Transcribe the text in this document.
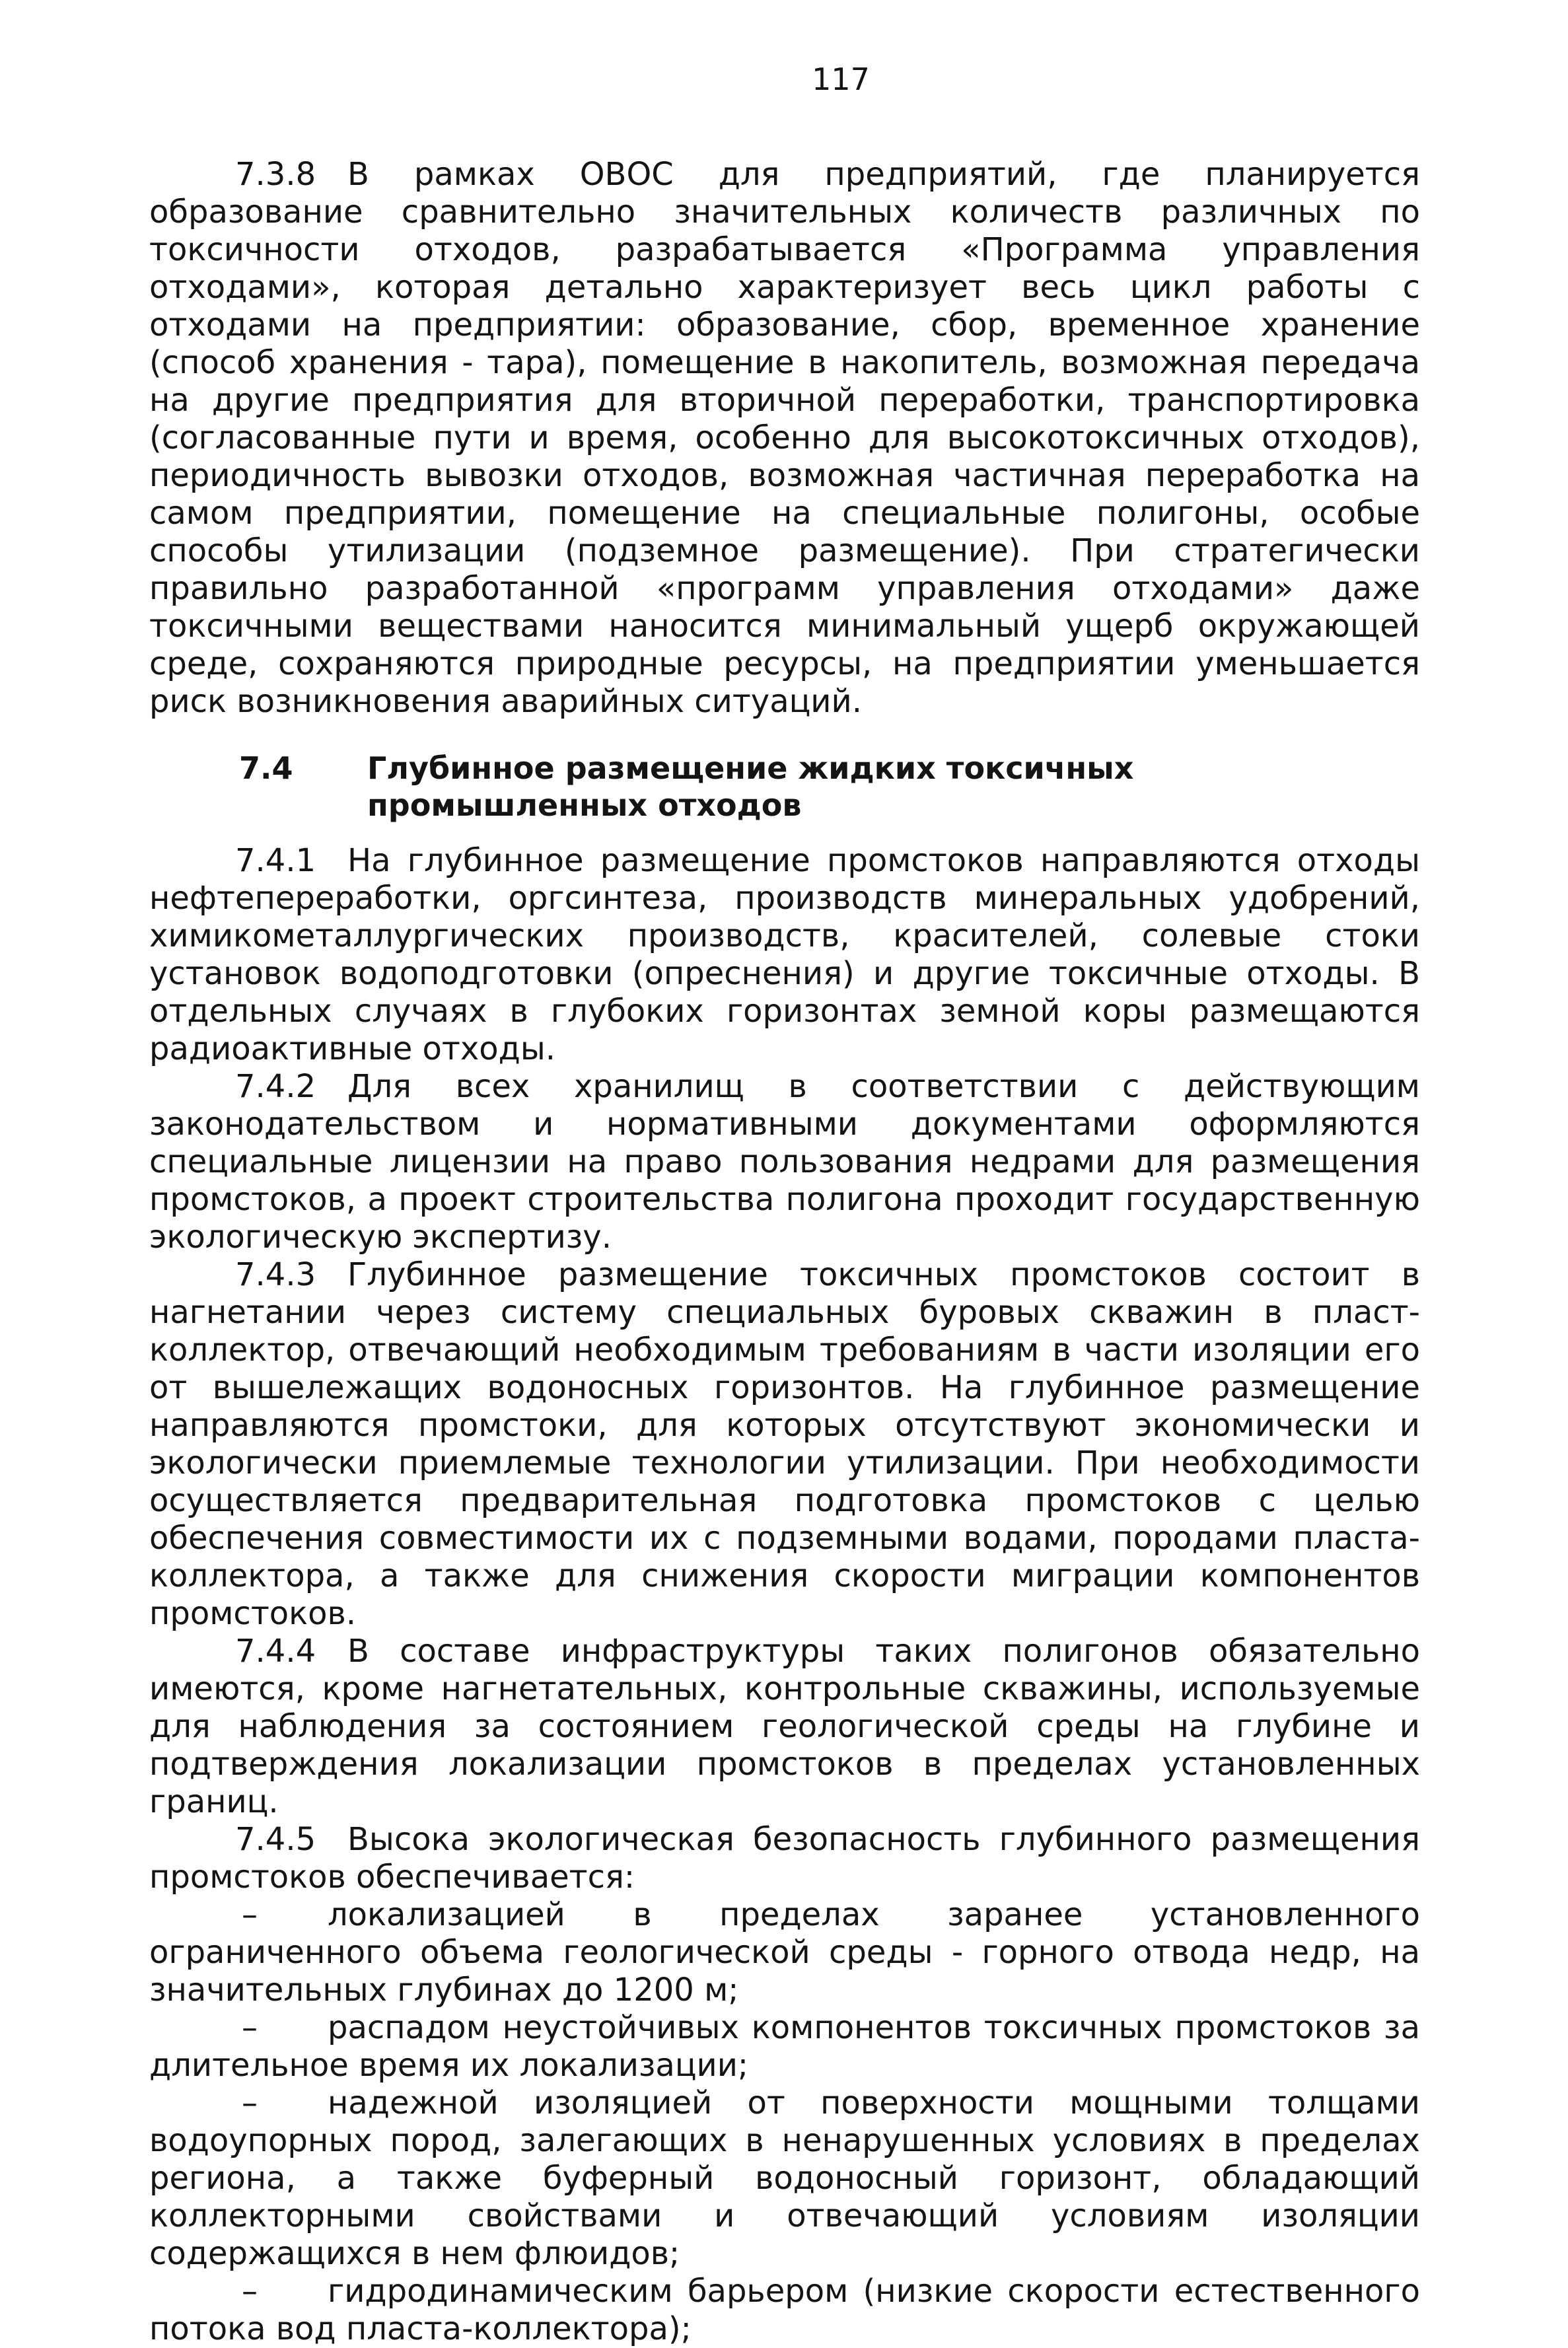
117

7.3.8 В рамках ОВОС для предприятий, где планируется образование сравнительно значительных количеств различных по токсичности отходов, разрабатывается «Программа управления отходами», которая детально характеризует весь цикл работы с отходами на предприятии: образование, сбор, временное хранение (способ хранения - тара), помещение в накопитель, возможная передача на другие предприятия для вторичной переработки, транспортировка (согласованные пути и время, особенно для высокотоксичных отходов), периодичность вывозки отходов, возможная частичная переработка на самом предприятии, помещение на специальные полигоны, особые способы утилизации (подземное размещение). При стратегически правильно разработанной «программ управления отходами» даже токсичными веществами наносится минимальный ущерб окружающей среде, сохраняются природные ресурсы, на предприятии уменьшается риск возникновения аварийных ситуаций.

7.4	Глубинное размещение жидких токсичных
промышленных отходов

7.4.1 На глубинное размещение промстоков направляются отходы нефтепереработки, оргсинтеза, производств минеральных удобрений, химикометаллургических производств, красителей, солевые стоки установок водоподготовки (опреснения) и другие токсичные отходы. В отдельных случаях в глубоких горизонтах земной коры размещаются радиоактивные отходы.

7.4.2 Для всех хранилищ в соответствии с действующим законодательством и нормативными документами оформляются специальные лицензии на право пользования недрами для размещения промстоков, а проект строительства полигона проходит государственную экологическую экспертизу.

7.4.3 Глубинное размещение токсичных промстоков состоит в нагнетании через систему специальных буровых скважин в пласт-коллектор, отвечающий необходимым требованиям в части изоляции его от вышележащих водоносных горизонтов. На глубинное размещение направляются промстоки, для которых отсутствуют экономически и экологически приемлемые технологии утилизации. При необходимости осуществляется предварительная подготовка промстоков с целью обеспечения совместимости их с подземными водами, породами пласта-коллектора, а также для снижения скорости миграции компонентов промстоков.

7.4.4 В составе инфраструктуры таких полигонов обязательно имеются, кроме нагнетательных, контрольные скважины, используемые для наблюдения за состоянием геологической среды на глубине и подтверждения локализации промстоков в пределах установленных границ.

7.4.5 Высока экологическая безопасность глубинного размещения промстоков обеспечивается:

– локализацией в пределах заранее установленного ограниченного объема геологической среды - горного отвода недр, на значительных глубинах до 1200 м;

– распадом неустойчивых компонентов токсичных промстоков за длительное время их локализации;

– надежной изоляцией от поверхности мощными толщами водоупорных пород, залегающих в ненарушенных условиях в пределах региона, а также буферный водоносный горизонт, обладающий коллекторными свойствами и отвечающий условиям изоляции содержащихся в нем флюидов;

– гидродинамическим барьером (низкие скорости естественного потока вод пласта-коллектора);
